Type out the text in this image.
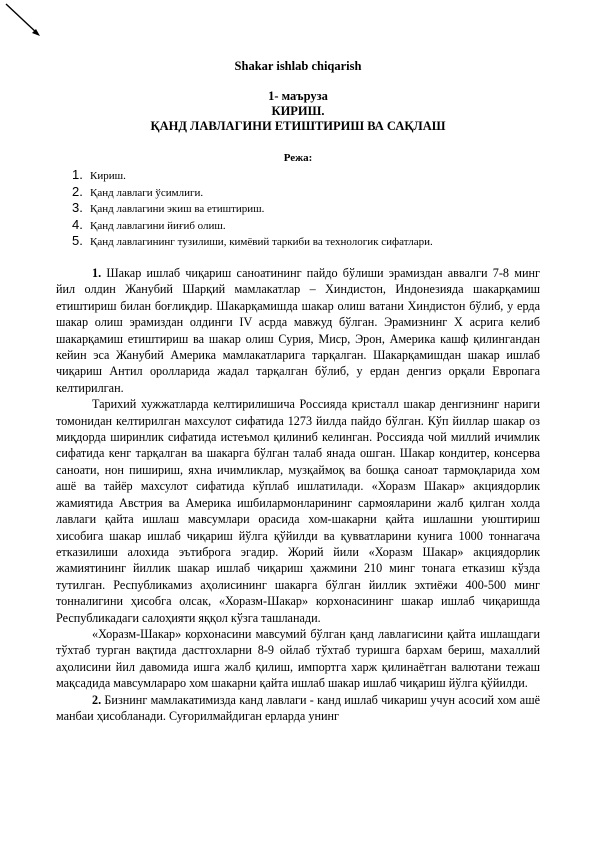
Shakar ishlab chiqarish
1- маъруза
КИРИШ.
ҚАНД ЛАВЛАГИНИ ЕТИШТИРИШ ВА САҚЛАШ
Режа:
1. Кириш.
2. Қанд лавлаги ўсимлиги.
3. Қанд лавлагини экиш ва етиштириш.
4. Қанд лавлагини йиғиб олиш.
5. Қанд лавлагининг тузилиши, кимёвий таркиби ва технологик сифатлари.

1. Шакар ишлаб чиқариш саноатининг пайдо бўлиши эрамиздан аввалги 7-8 минг йил олдин Жанубий Шарқий мамлакатлар – Хиндистон, Индонезияда шакарқамиш етиштириш билан боғлиқдир. Шакарқамишда шакар олиш ватани Хиндистон бўлиб, у ерда шакар олиш эрамиздан олдинги IV асрда мавжуд бўлган. Эрамизнинг X асрига келиб шакарқамиш етиштириш ва шакар олиш Сурия, Миср, Эрон, Америка кашф қилингандан кейин эса Жанубий Америка мамлакатларига тарқалган. Шакарқамишдан шакар ишлаб чиқариш Антил оролларида жадал тарқалган бўлиб, у ердан денгиз орқали Европага келтирилган.

Тарихий хужжатларда келтирилишича Россияда кристалл шакар денгизнинг нариги томонидан келтирилган махсулот сифатида 1273 йилда пайдо бўлган. Кўп йиллар шакар оз миқдорда ширинлик сифатида истеъмол қилиниб келинган. Россияда чой миллий ичимлик сифатида кенг тарқалган ва шакарга бўлган талаб янада ошган. Шакар кондитер, консерва саноати, нон пишириш, яхна ичимликлар, музқаймоқ ва бошқа саноат тармоқларида хом ашё ва тайёр махсулот сифатида кўплаб ишлатилади. «Хоразм Шакар» акциядорлик жамиятида Австрия ва Америка ишбилармонларининг сармояларини жалб қилган холда лавлаги қайта ишлаш мавсумлари орасида хом-шакарни қайта ишлашни уюштириш хисобига шакар ишлаб чиқариш йўлга қўйилди ва қувватларини кунига 1000 тоннагача етказилиши алохида эътиброга эгадир. Жорий йили «Хоразм Шакар» акциядорлик жамиятининг йиллик шакар ишлаб чиқариш ҳажмини 210 минг тонага етказиш кўзда тутилган. Республикамиз аҳолисининг шакарга бўлган йиллик эхтиёжи 400-500 минг тонналигини ҳисобга олсак, «Хоразм-Шакар» корхонасининг шакар ишлаб чиқаришда Республикадаги салоҳияти яққол кўзга ташланади.

«Хоразм-Шакар» корхонасини мавсумий бўлган қанд лавлагисини қайта ишлашдаги тўхтаб турган вақтида дастгохларни 8-9 ойлаб тўхтаб туришга бархам бериш, махаллий аҳолисини йил давомида ишга жалб қилиш, импортга харж қилинаётган валютани тежаш мақсадида мавсумлараро хом шакарни қайта ишлаб шакар ишлаб чиқариш йўлга қўйилди.

2. Бизнинг мамлакатимизда канд лавлаги - канд ишлаб чикариш учун асосий хом ашё манбаи ҳисобланади. Суғорилмайдиган ерларда унинг
